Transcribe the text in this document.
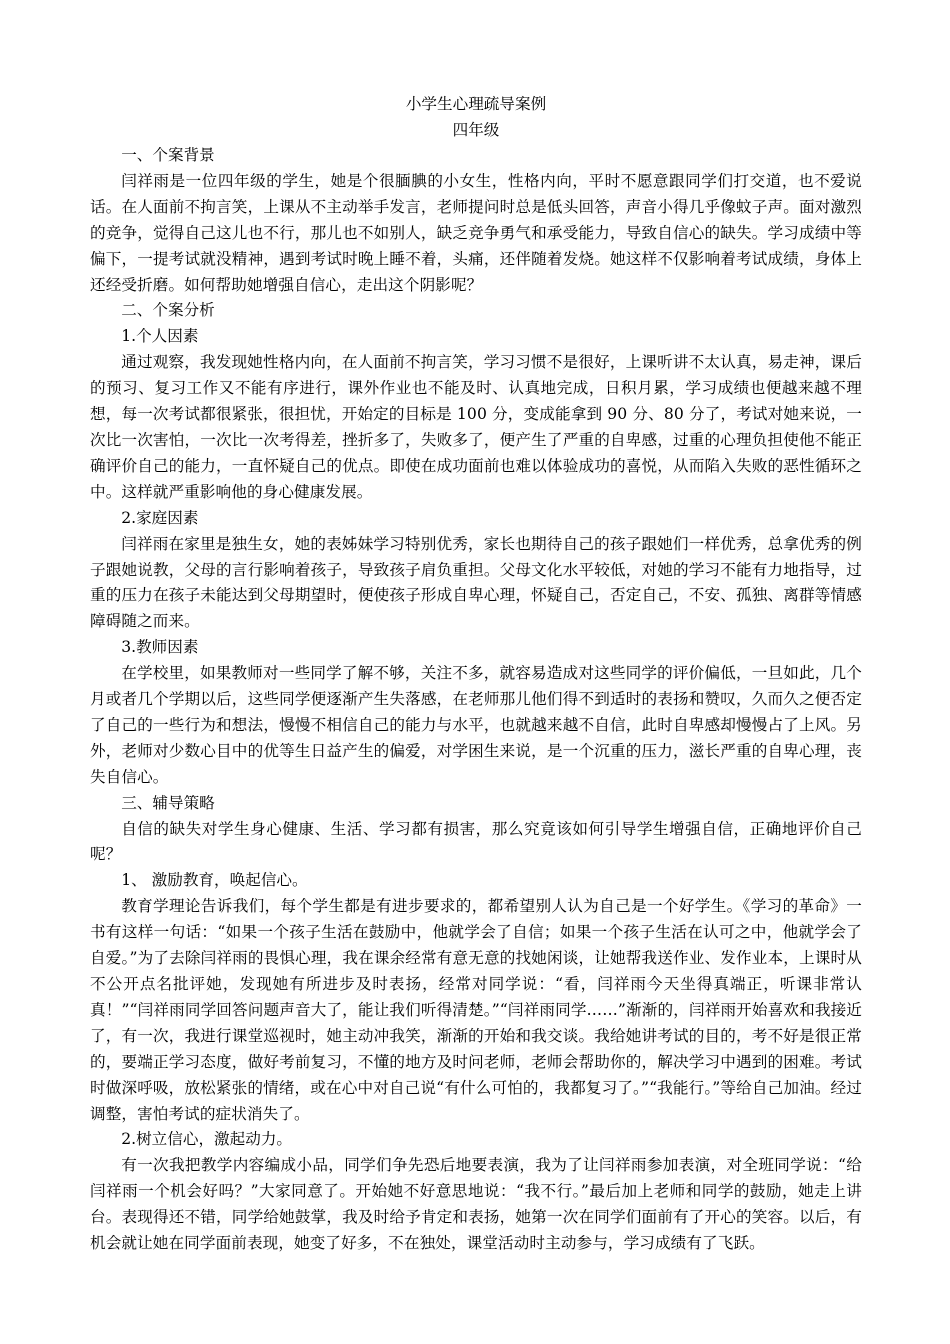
小学生心理疏导案例

四年级

一、个案背景

闫祥雨是一位四年级的学生，她是个很腼腆的小女生，性格内向，平时不愿意跟同学们打交道，也不爱说话。在人面前不拘言笑，上课从不主动举手发言，老师提问时总是低头回答，声音小得几乎像蚊子声。面对激烈的竞争，觉得自己这儿也不行，那儿也不如别人，缺乏竞争勇气和承受能力，导致自信心的缺失。学习成绩中等偏下，一提考试就没精神，遇到考试时晚上睡不着，头痛，还伴随着发烧。她这样不仅影响着考试成绩，身体上还经受折磨。如何帮助她增强自信心，走出这个阴影呢？

二、个案分析

1.个人因素

通过观察，我发现她性格内向，在人面前不拘言笑，学习习惯不是很好，上课听讲不太认真，易走神，课后的预习、复习工作又不能有序进行，课外作业也不能及时、认真地完成，日积月累，学习成绩也便越来越不理想，每一次考试都很紧张，很担忧，开始定的目标是 100 分，变成能拿到 90 分、80 分了，考试对她来说，一次比一次害怕，一次比一次考得差，挫折多了，失败多了，便产生了严重的自卑感，过重的心理负担使他不能正确评价自己的能力，一直怀疑自己的优点。即使在成功面前也难以体验成功的喜悦，从而陷入失败的恶性循环之中。这样就严重影响他的身心健康发展。

2.家庭因素

闫祥雨在家里是独生女，她的表姊妹学习特别优秀，家长也期待自己的孩子跟她们一样优秀，总拿优秀的例子跟她说教，父母的言行影响着孩子，导致孩子肩负重担。父母文化水平较低，对她的学习不能有力地指导，过重的压力在孩子未能达到父母期望时，便使孩子形成自卑心理，怀疑自己，否定自己，不安、孤独、离群等情感障碍随之而来。

3.教师因素

在学校里，如果教师对一些同学了解不够，关注不多，就容易造成对这些同学的评价偏低，一旦如此，几个月或者几个学期以后，这些同学便逐渐产生失落感，在老师那儿他们得不到适时的表扬和赞叹，久而久之便否定了自己的一些行为和想法，慢慢不相信自己的能力与水平，也就越来越不自信，此时自卑感却慢慢占了上风。另外，老师对少数心目中的优等生日益产生的偏爱，对学困生来说，是一个沉重的压力，滋长严重的自卑心理，丧失自信心。

三、辅导策略

自信的缺失对学生身心健康、生活、学习都有损害，那么究竟该如何引导学生增强自信，正确地评价自己呢？

1、 激励教育，唤起信心。

教育学理论告诉我们，每个学生都是有进步要求的，都希望别人认为自己是一个好学生。《学习的革命》一书有这样一句话：“如果一个孩子生活在鼓励中，他就学会了自信；如果一个孩子生活在认可之中，他就学会了自爱。”为了去除闫祥雨的畏惧心理，我在课余经常有意无意的找她闲谈，让她帮我送作业、发作业本，上课时从不公开点名批评她，发现她有所进步及时表扬，经常对同学说：“看，闫祥雨今天坐得真端正，听课非常认真！”“闫祥雨同学回答问题声音大了，能让我们听得清楚。”“闫祥雨同学……”渐渐的，闫祥雨开始喜欢和我接近了，有一次，我进行课堂巡视时，她主动冲我笑，渐渐的开始和我交谈。我给她讲考试的目的，考不好是很正常的，要端正学习态度，做好考前复习，不懂的地方及时问老师，老师会帮助你的，解决学习中遇到的困难。考试时做深呼吸，放松紧张的情绪，或在心中对自己说“有什么可怕的，我都复习了。”“我能行。”等给自己加油。经过调整，害怕考试的症状消失了。

2.树立信心，激起动力。

有一次我把教学内容编成小品，同学们争先恐后地要表演，我为了让闫祥雨参加表演，对全班同学说：“给闫祥雨一个机会好吗？”大家同意了。开始她不好意思地说：“我不行。”最后加上老师和同学的鼓励，她走上讲台。表现得还不错，同学给她鼓掌，我及时给予肯定和表扬，她第一次在同学们面前有了开心的笑容。以后，有机会就让她在同学面前表现，她变了好多，不在独处，课堂活动时主动参与，学习成绩有了飞跃。
